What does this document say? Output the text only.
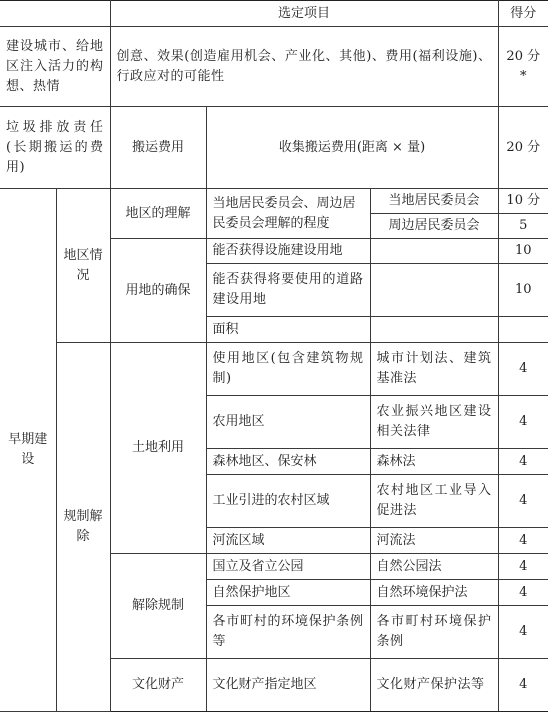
		选定项目			得分
建设城市、给地区注入活力的构想、热情		创意、效果(创造雇用机会、产业化、其他)、费用(福利设施)、行政应对的可能性			20 分*
垃圾排放责任(长期搬运的费用)		搬运费用	收集搬运费用(距离 × 量)		20 分
早期建设	地区情况	地区的理解	当地居民委员会、周边居民委员会理解的程度	当地居民委员会	10 分
				周边居民委员会	5
		用地的确保	能否获得设施建设用地		10
			能否获得将要使用的道路建设用地		10
			面积		
	规制解除	土地利用	使用地区(包含建筑物规制)	城市计划法、建筑基准法	4
			农用地区	农业振兴地区建设相关法律	4
			森林地区、保安林	森林法	4
			工业引进的农村区域	农村地区工业导入促进法	4
			河流区域	河流法	4
		解除规制	国立及省立公园	自然公园法	4
			自然保护地区	自然环境保护法	4
			各市町村的环境保护条例等	各市町村环境保护条例	4
		文化财产	文化财产指定地区	文化财产保护法等	4
